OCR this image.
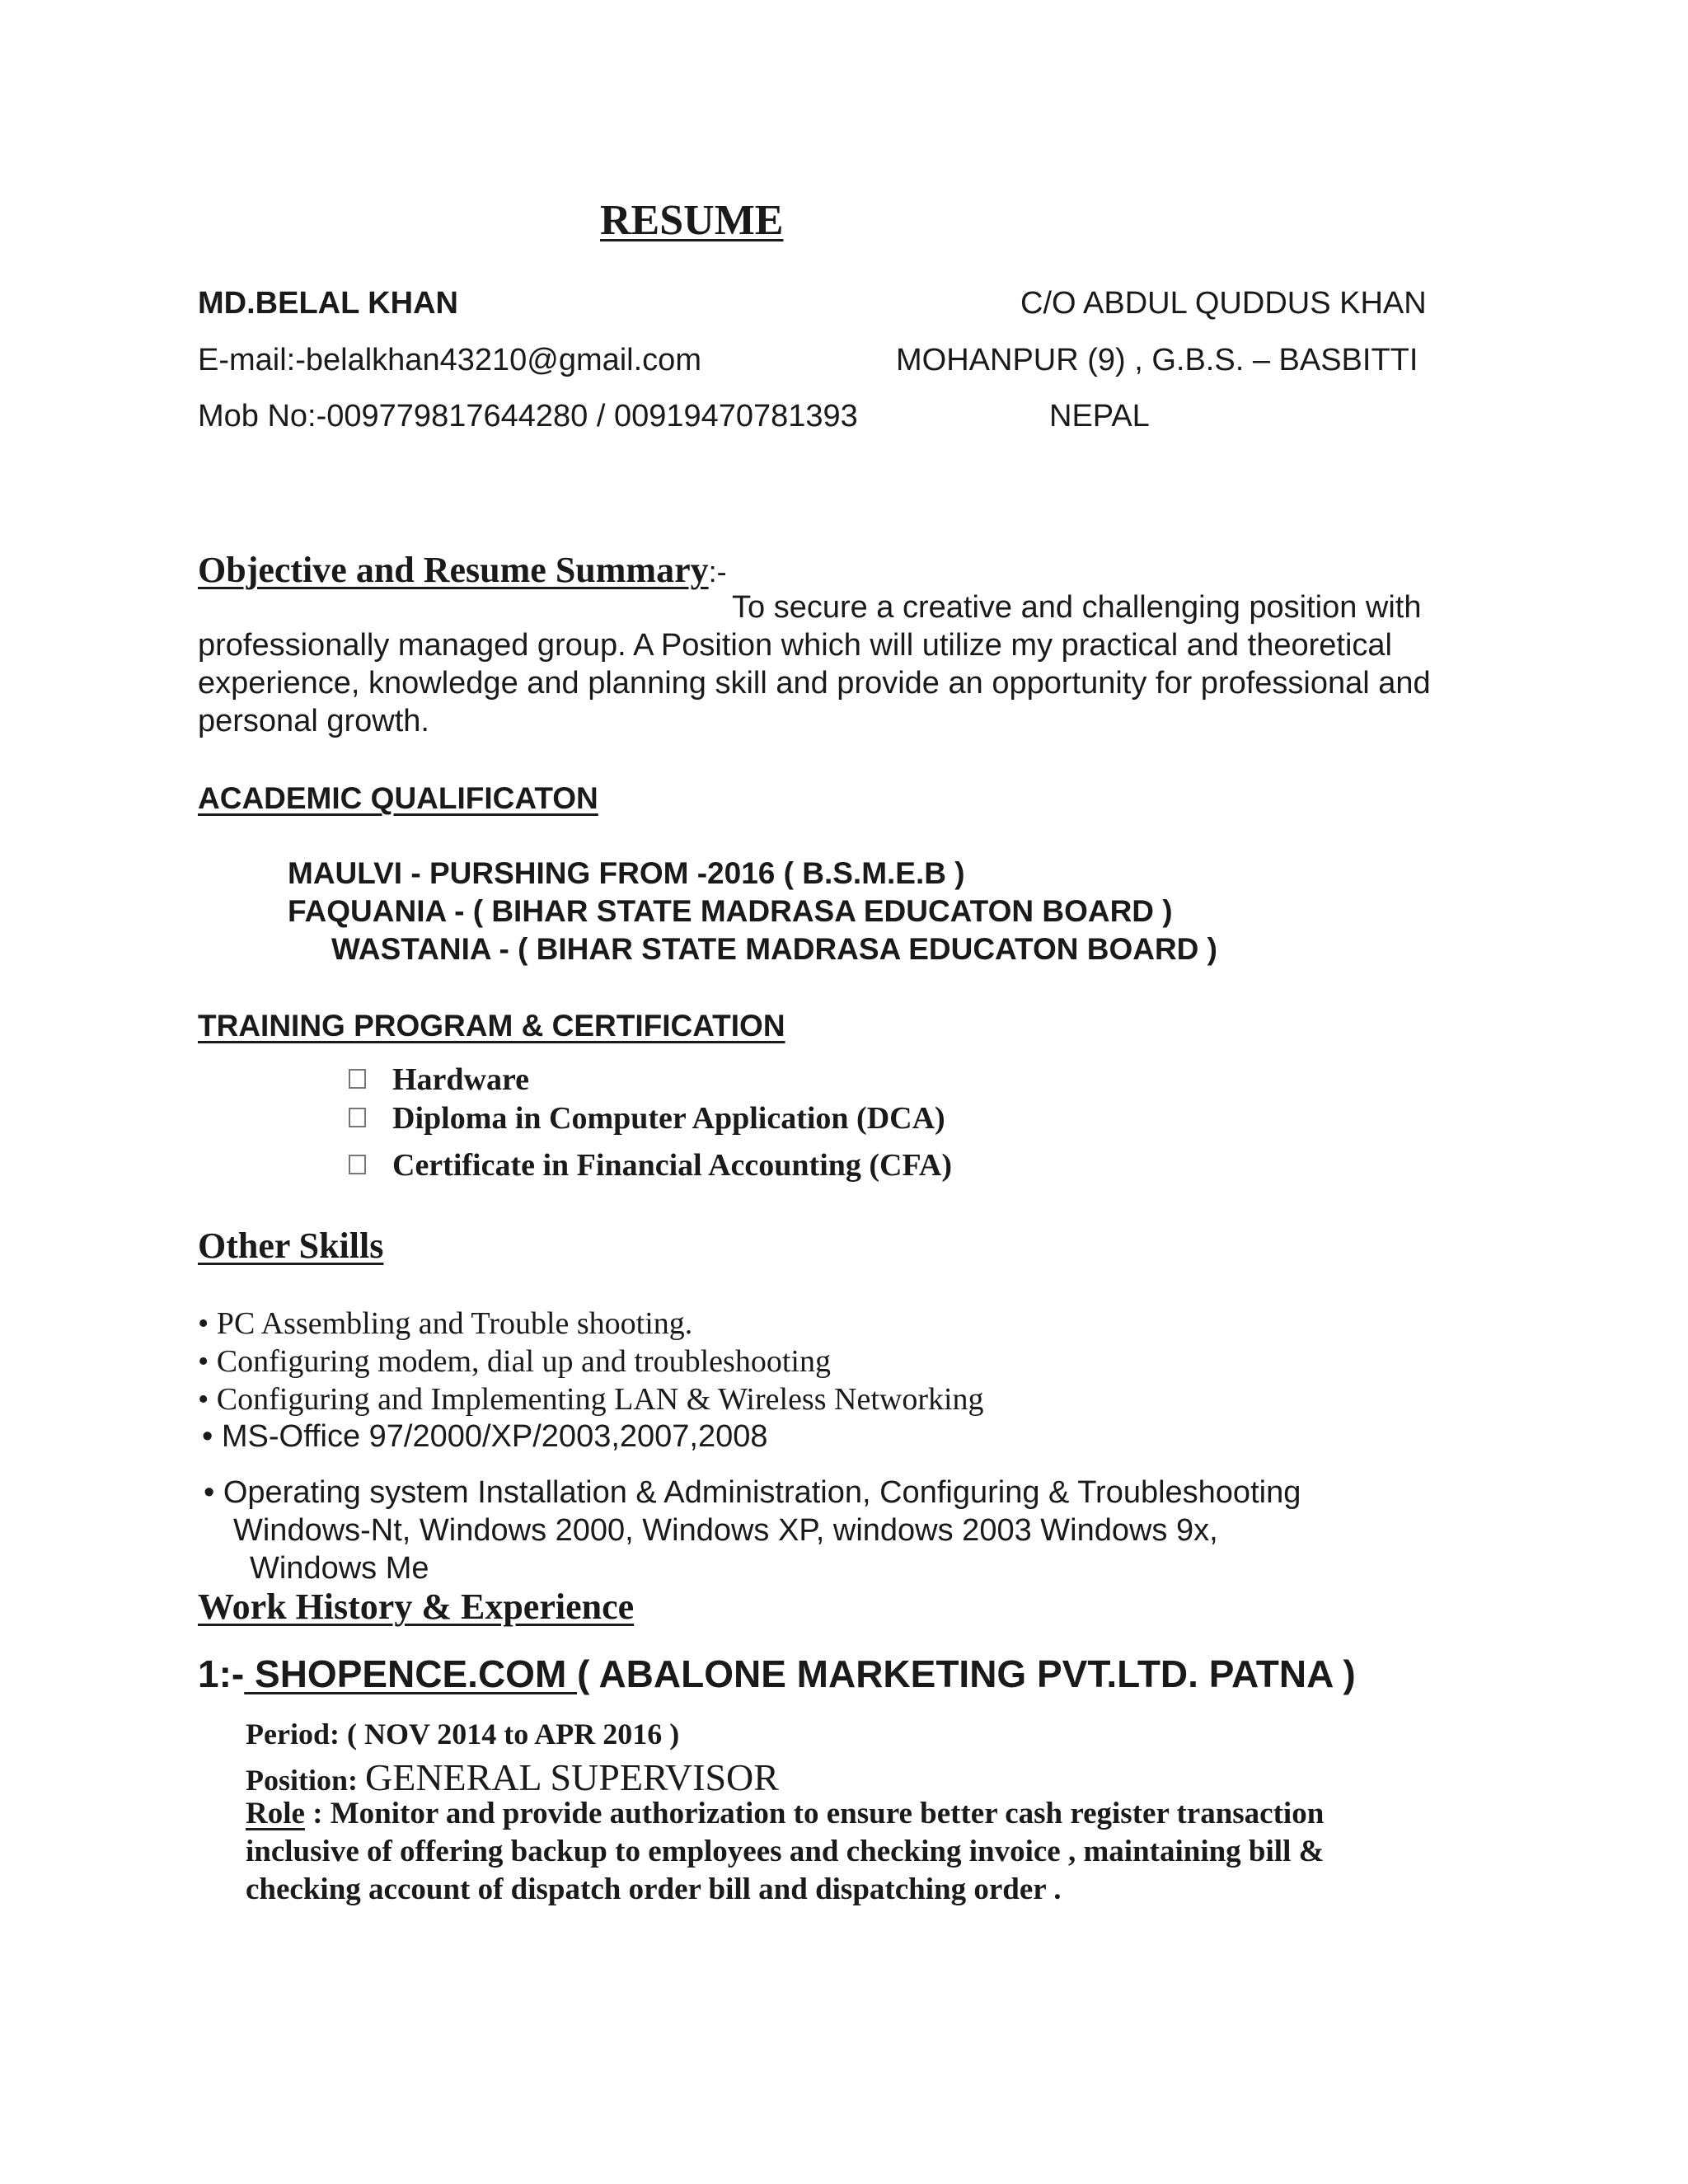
RESUME
MD.BELAL KHAN
E-mail:-belalkhan43210@gmail.com
Mob No:-009779817644280 / 00919470781393
C/O ABDUL QUDDUS KHAN
MOHANPUR (9) , G.B.S. – BASBITTI
NEPAL
Objective and Resume Summary:-
To secure a creative and challenging position with
professionally managed group. A Position which will utilize my practical and theoretical experience, knowledge and planning skill and provide an opportunity for professional and personal growth.
ACADEMIC QUALIFICATON
MAULVI - PURSHING FROM -2016 ( B.S.M.E.B )
FAQUANIA - ( BIHAR STATE MADRASA EDUCATON BOARD )
WASTANIA - ( BIHAR STATE MADRASA EDUCATON BOARD )
TRAINING PROGRAM & CERTIFICATION
Hardware
Diploma in Computer Application (DCA)
Certificate in Financial Accounting (CFA)
Other Skills
• PC Assembling and Trouble shooting.
• Configuring modem, dial up and troubleshooting
• Configuring and Implementing LAN & Wireless Networking
• MS-Office 97/2000/XP/2003,2007,2008
• Operating system Installation & Administration, Configuring & Troubleshooting
Windows-Nt, Windows 2000, Windows XP, windows 2003 Windows 9x,
Windows Me
Work History & Experience
1:- SHOPENCE.COM ( ABALONE MARKETING PVT.LTD. PATNA )
Period: ( NOV 2014 to APR 2016 )
Position: GENERAL SUPERVISOR
Role : Monitor and provide authorization to ensure better cash register transaction inclusive of offering backup to employees and checking invoice , maintaining bill & checking account of dispatch order bill and dispatching order .
